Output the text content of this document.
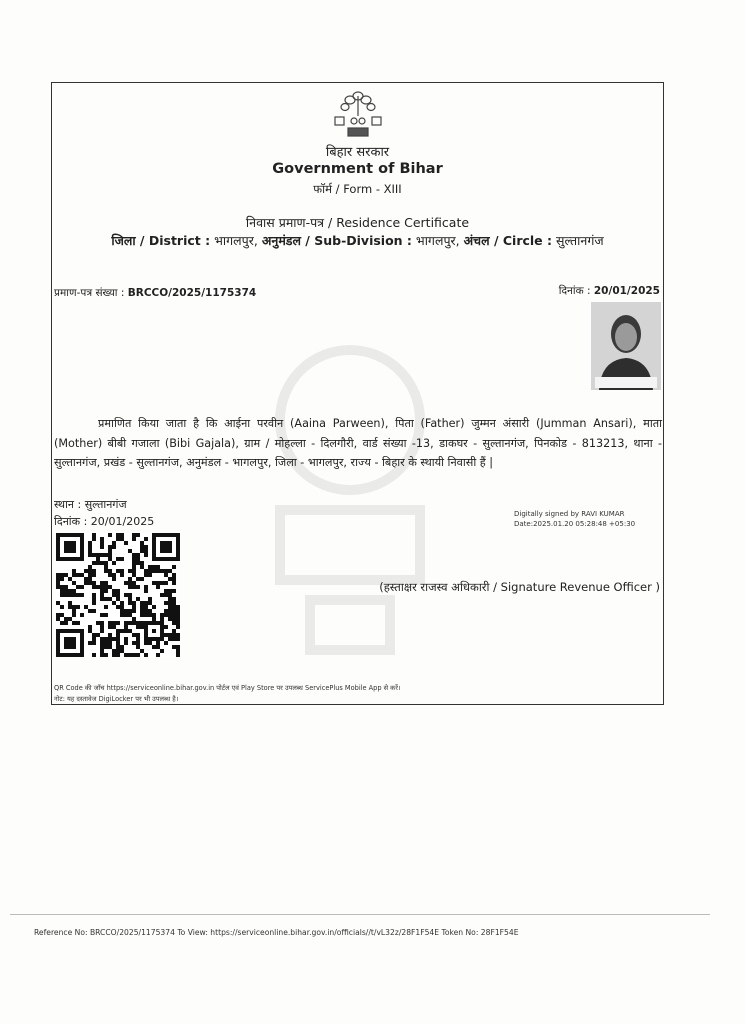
बिहार सरकार
Government of Bihar
फॉर्म / Form - XIII
निवास प्रमाण-पत्र / Residence Certificate
जिला / District : भागलपुर, अनुमंडल / Sub-Division : भागलपुर, अंचल / Circle : सुल्तानगंज
प्रमाण-पत्र संख्या : BRCCO/2025/1175374	दिनांक : 20/01/2025
प्रमाणित किया जाता है कि आईना परवीन (Aaina Parween), पिता (Father) जुम्मन अंसारी (Jumman Ansari), माता (Mother) बीबी गजाला (Bibi Gajala), ग्राम / मोहल्ला - दिलगौरी, वार्ड संख्या -13, डाकघर - सुल्तानगंज, पिनकोड - 813213, थाना - सुल्तानगंज, प्रखंड - सुल्तानगंज, अनुमंडल - भागलपुर, जिला - भागलपुर, राज्य - बिहार के स्थायी निवासी हैं |
स्थान : सुल्तानगंज
दिनांक : 20/01/2025
Digitally signed by RAVI KUMAR
Date:2025.01.20 05:28:48 +05:30
(हस्ताक्षर राजस्व अधिकारी / Signature Revenue Officer )
QR Code की जाँच https://serviceonline.bihar.gov.in पोर्टल एवं Play Store पर उपलब्ध ServicePlus Mobile App से करें।
नोट: यह दस्तावेज DigiLocker पर भी उपलब्ध है।
Reference No: BRCCO/2025/1175374 To View: https://serviceonline.bihar.gov.in/officials//t/vL32z/28F1F54E Token No: 28F1F54E
